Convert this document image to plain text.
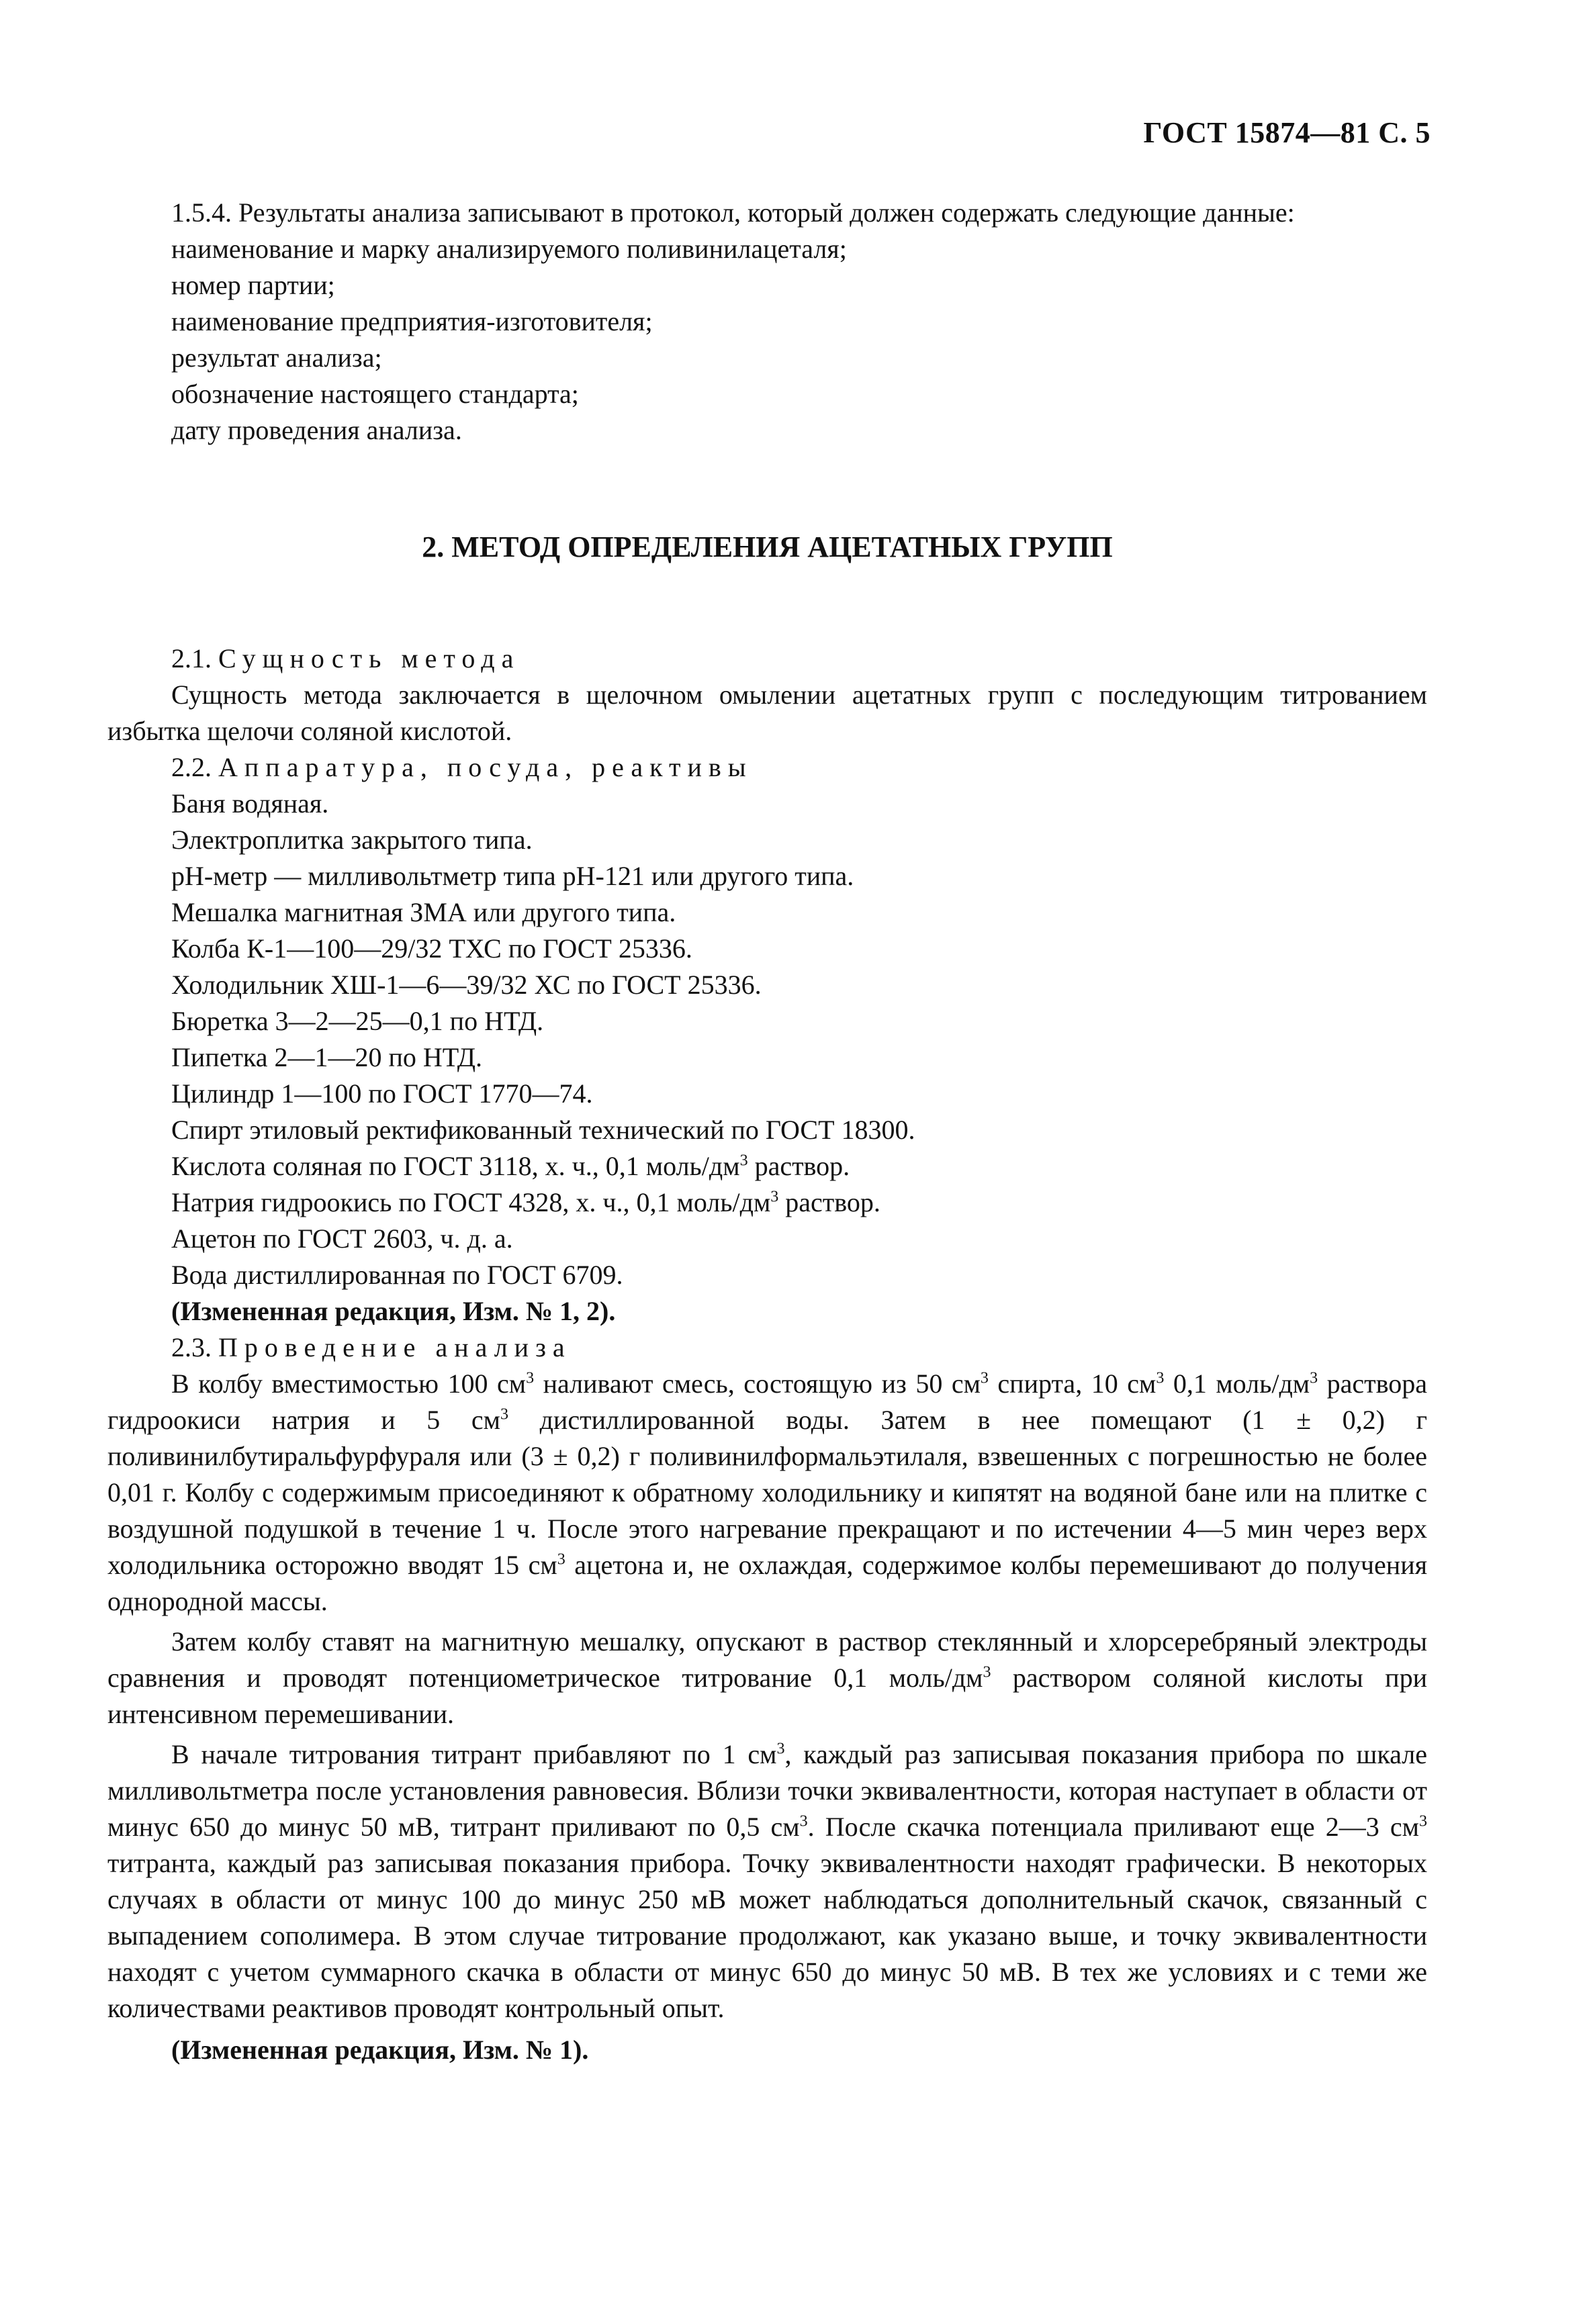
ГОСТ 15874—81 С. 5

1.5.4. Результаты анализа записывают в протокол, который должен содержать следующие данные:

наименование и марку анализируемого поливинилацеталя;

номер партии;

наименование предприятия-изготовителя;

результат анализа;

обозначение настоящего стандарта;

дату проведения анализа.

2. МЕТОД ОПРЕДЕЛЕНИЯ АЦЕТАТНЫХ ГРУПП

2.1. Сущность метода

Сущность метода заключается в щелочном омылении ацетатных групп с последующим титрованием избытка щелочи соляной кислотой.

2.2. Аппаратура, посуда, реактивы

Баня водяная.

Электроплитка закрытого типа.

рН-метр — милливольтметр типа рН-121 или другого типа.

Мешалка магнитная ЗМА или другого типа.

Колба К-1—100—29/32 ТХС по ГОСТ 25336.

Холодильник ХШ-1—6—39/32 ХС по ГОСТ 25336.

Бюретка 3—2—25—0,1 по НТД.

Пипетка 2—1—20 по НТД.

Цилиндр 1—100 по ГОСТ 1770—74.

Спирт этиловый ректификованный технический по ГОСТ 18300.

Кислота соляная по ГОСТ 3118, х. ч., 0,1 моль/$дм^3$ раствор.

Натрия гидроокись по ГОСТ 4328, х. ч., 0,1 моль/$дм^3$ раствор.

Ацетон по ГОСТ 2603, ч. д. а.

Вода дистиллированная по ГОСТ 6709.

(Измененная редакция, Изм. № 1, 2).

2.3. Проведение анализа

В колбу вместимостью 100 $см^3$ наливают смесь, состоящую из 50 $см^3$ спирта, 10 $см^3$ 0,1 моль/$дм^3$ раствора гидроокиси натрия и 5 $см^3$ дистиллированной воды. Затем в нее помещают (1 ± 0,2) г поливинилбутиральфурфураля или (3 ± 0,2) г поливинилформальэтилаля, взвешенных с погрешностью не более 0,01 г. Колбу с содержимым присоединяют к обратному холодильнику и кипятят на водяной бане или на плитке с воздушной подушкой в течение 1 ч. После этого нагревание прекращают и по истечении 4—5 мин через верх холодильника осторожно вводят 15 $см^3$ ацетона и, не охлаждая, содержимое колбы перемешивают до получения однородной массы.

Затем колбу ставят на магнитную мешалку, опускают в раствор стеклянный и хлорсеребряный электроды сравнения и проводят потенциометрическое титрование 0,1 моль/$дм^3$ раствором соляной кислоты при интенсивном перемешивании.

В начале титрования титрант прибавляют по 1 $см^3$, каждый раз записывая показания прибора по шкале милливольтметра после установления равновесия. Вблизи точки эквивалентности, которая наступает в области от минус 650 до минус 50 мВ, титрант приливают по 0,5 $см^3$. После скачка потенциала приливают еще 2—3 $см^3$ титранта, каждый раз записывая показания прибора. Точку эквивалентности находят графически. В некоторых случаях в области от минус 100 до минус 250 мВ может наблюдаться дополнительный скачок, связанный с выпадением сополимера. В этом случае титрование продолжают, как указано выше, и точку эквивалентности находят с учетом суммарного скачка в области от минус 650 до минус 50 мВ. В тех же условиях и с теми же количествами реактивов проводят контрольный опыт.

(Измененная редакция, Изм. № 1).
